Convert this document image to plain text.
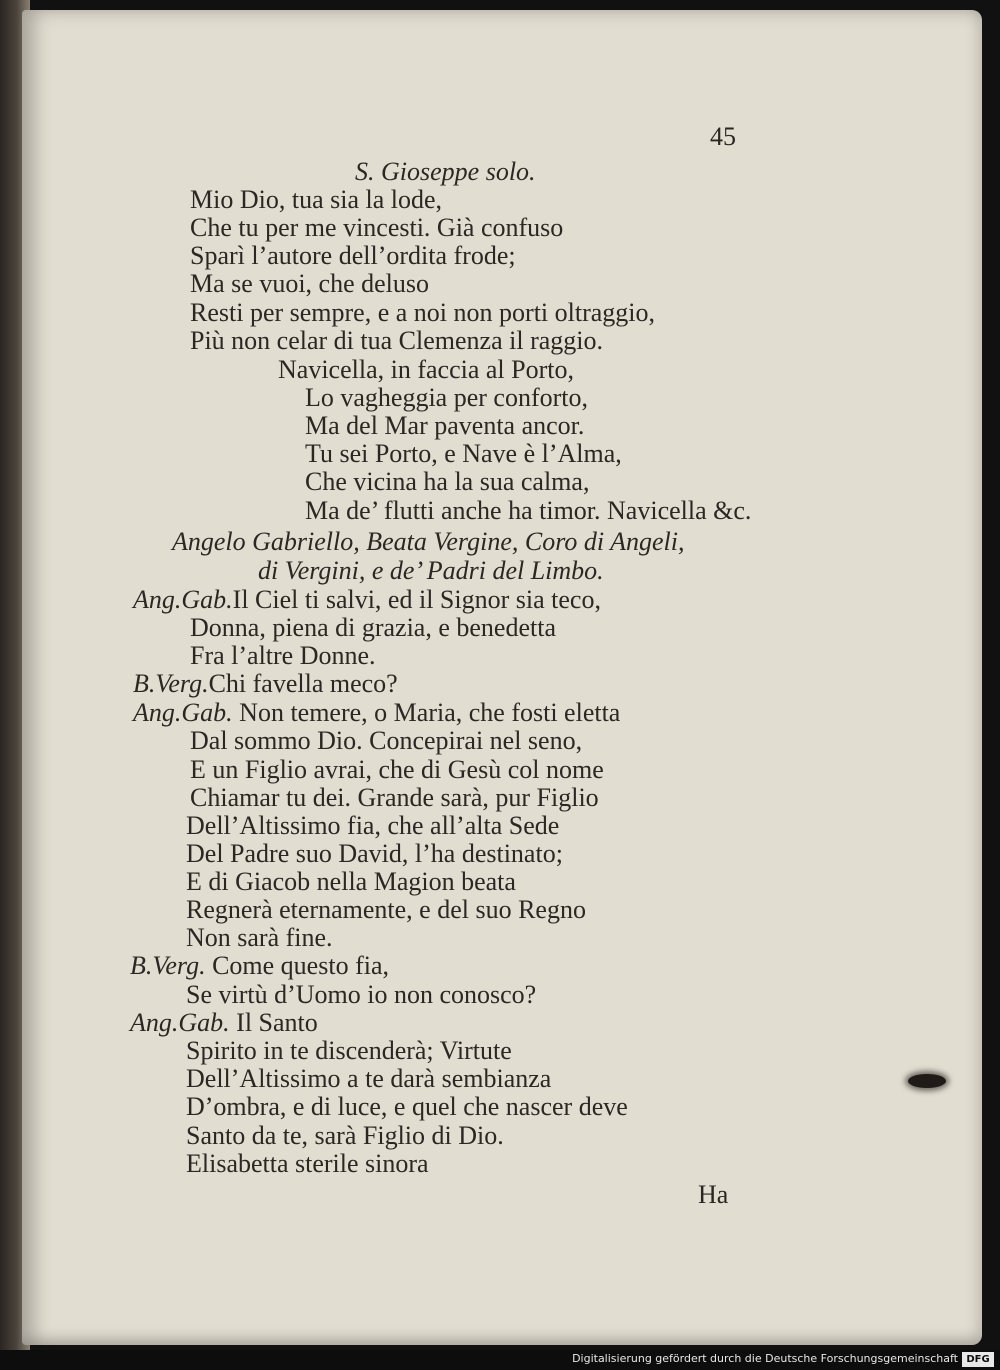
45
S. Gioseppe solo.
Mio Dio, tua sia la lode,
Che tu per me vincesti. Già confuso
Sparì l’autore dell’ordita frode;
Ma se vuoi, che deluso
Resti per sempre, e a noi non porti oltraggio,
Più non celar di tua Clemenza il raggio.
Navicella, in faccia al Porto,
Lo vagheggia per conforto,
Ma del Mar paventa ancor.
Tu sei Porto, e Nave è l’Alma,
Che vicina ha la sua calma,
Ma de’ flutti anche ha timor. Navicella &c.
Angelo Gabriello, Beata Vergine, Coro di Angeli,
di Vergini, e de’ Padri del Limbo.
Ang.Gab.Il Ciel ti salvi, ed il Signor sia teco,
Donna, piena di grazia, e benedetta
Fra l’altre Donne.
B.Verg.Chi favella meco?
Ang.Gab. Non temere, o Maria, che fosti eletta
Dal sommo Dio. Concepirai nel seno,
E un Figlio avrai, che di Gesù col nome
Chiamar tu dei. Grande sarà, pur Figlio
Dell’Altissimo fia, che all’alta Sede
Del Padre suo David, l’ha destinato;
E di Giacob nella Magion beata
Regnerà eternamente, e del suo Regno
Non sarà fine.
B.Verg. Come questo fia,
Se virtù d’Uomo io non conosco?
Ang.Gab. Il Santo
Spirito in te discenderà; Virtute
Dell’Altissimo a te darà sembianza
D’ombra, e di luce, e quel che nascer deve
Santo da te, sarà Figlio di Dio.
Elisabetta sterile sinora
Ha
Digitalisierung gefördert durch die Deutsche Forschungsgemeinschaft DFG
